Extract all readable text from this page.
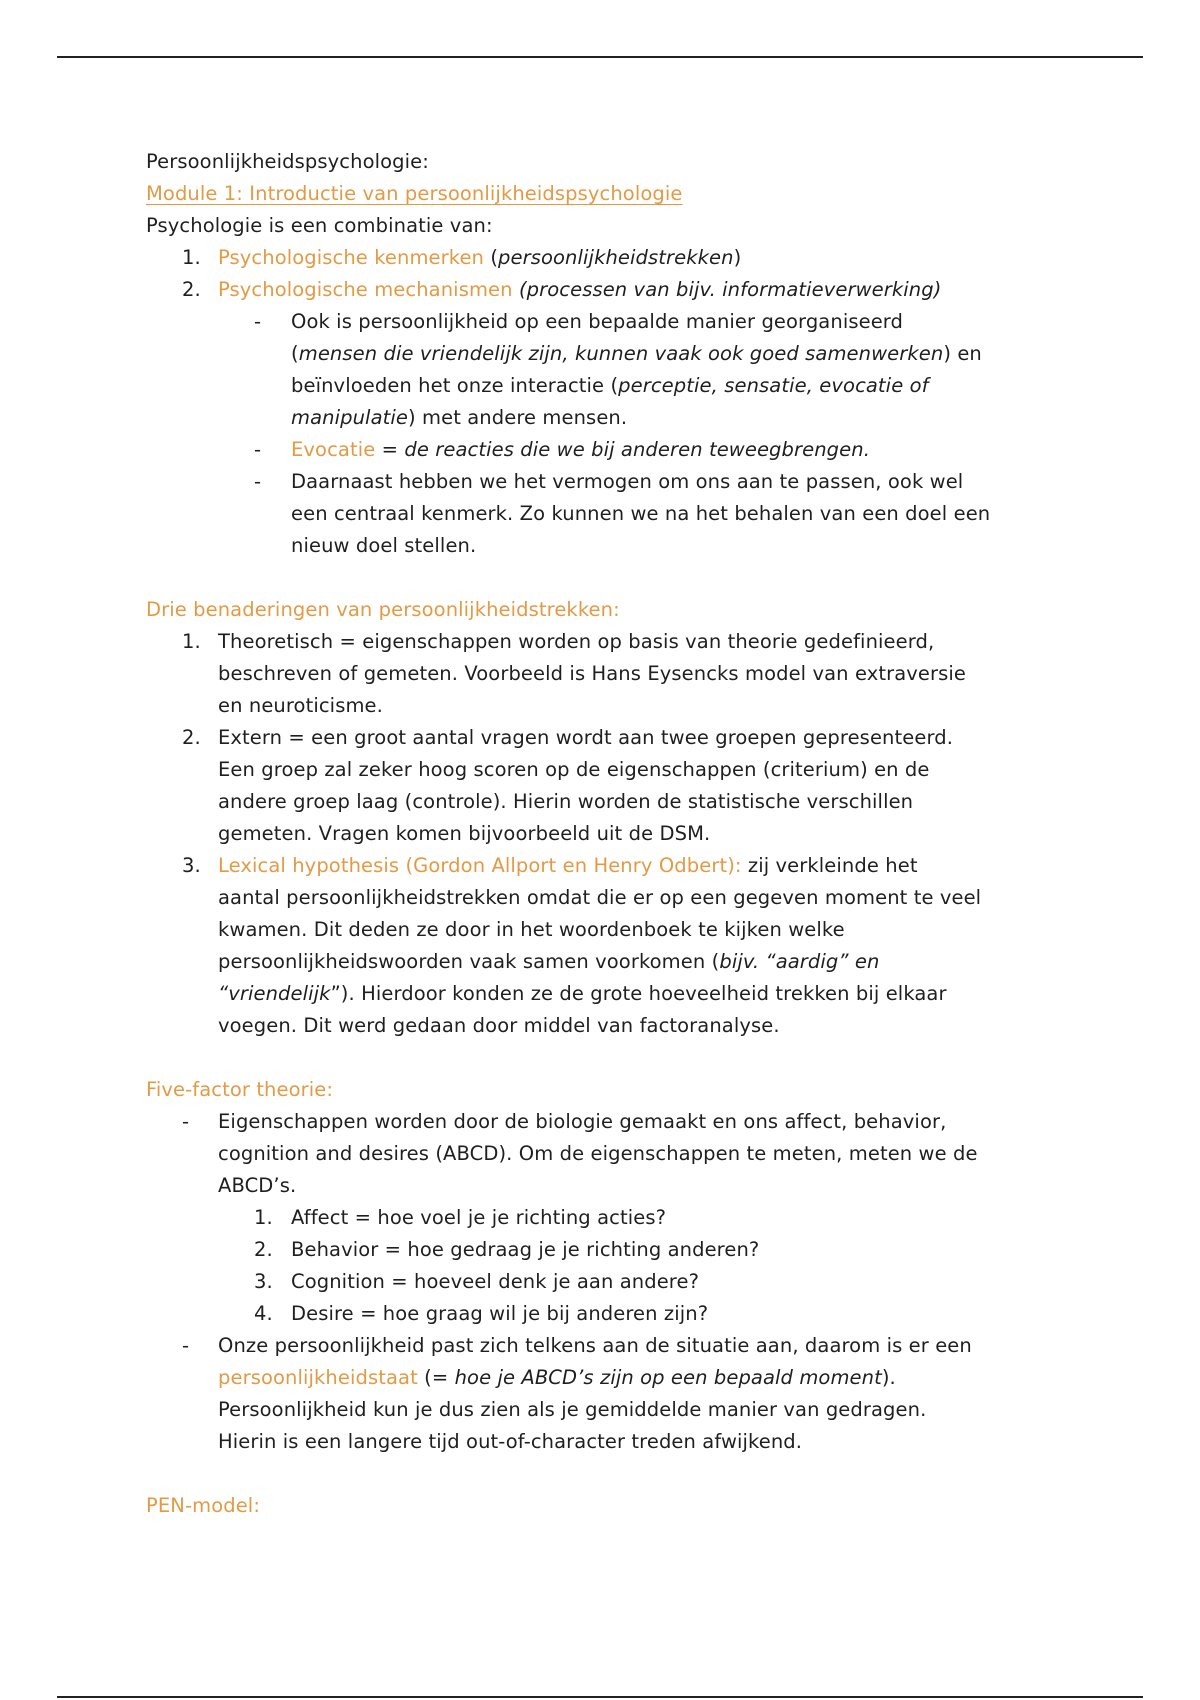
Persoonlijkheidspsychologie:

Module 1: Introductie van persoonlijkheidspsychologie

Psychologie is een combinatie van:

1. Psychologische kenmerken (persoonlijkheidstrekken)
2. Psychologische mechanismen (processen van bijv. informatieverwerking)
-	Ook is persoonlijkheid op een bepaalde manier georganiseerd
(mensen die vriendelijk zijn, kunnen vaak ook goed samenwerken) en
beïnvloeden het onze interactie (perceptie, sensatie, evocatie of
manipulatie) met andere mensen.
-	Evocatie = de reacties die we bij anderen teweegbrengen.
-	Daarnaast hebben we het vermogen om ons aan te passen, ook wel
een centraal kenmerk. Zo kunnen we na het behalen van een doel een
nieuw doel stellen.

Drie benaderingen van persoonlijkheidstrekken:

1. Theoretisch = eigenschappen worden op basis van theorie gedefinieerd,
beschreven of gemeten. Voorbeeld is Hans Eysencks model van extraversie
en neuroticisme.
2. Extern = een groot aantal vragen wordt aan twee groepen gepresenteerd.
Een groep zal zeker hoog scoren op de eigenschappen (criterium) en de
andere groep laag (controle). Hierin worden de statistische verschillen
gemeten. Vragen komen bijvoorbeeld uit de DSM.
3. Lexical hypothesis (Gordon Allport en Henry Odbert): zij verkleinde het
aantal persoonlijkheidstrekken omdat die er op een gegeven moment te veel
kwamen. Dit deden ze door in het woordenboek te kijken welke
persoonlijkheidswoorden vaak samen voorkomen (bijv. “aardig” en
“vriendelijk”). Hierdoor konden ze de grote hoeveelheid trekken bij elkaar
voegen. Dit werd gedaan door middel van factoranalyse.

Five-factor theorie:

- Eigenschappen worden door de biologie gemaakt en ons affect, behavior,
cognition and desires (ABCD). Om de eigenschappen te meten, meten we de
ABCD’s.
1. Affect = hoe voel je je richting acties?
2. Behavior = hoe gedraag je je richting anderen?
3. Cognition = hoeveel denk je aan andere?
4. Desire = hoe graag wil je bij anderen zijn?
- Onze persoonlijkheid past zich telkens aan de situatie aan, daarom is er een
persoonlijkheidstaat (= hoe je ABCD’s zijn op een bepaald moment).
Persoonlijkheid kun je dus zien als je gemiddelde manier van gedragen.
Hierin is een langere tijd out-of-character treden afwijkend.

PEN-model:
